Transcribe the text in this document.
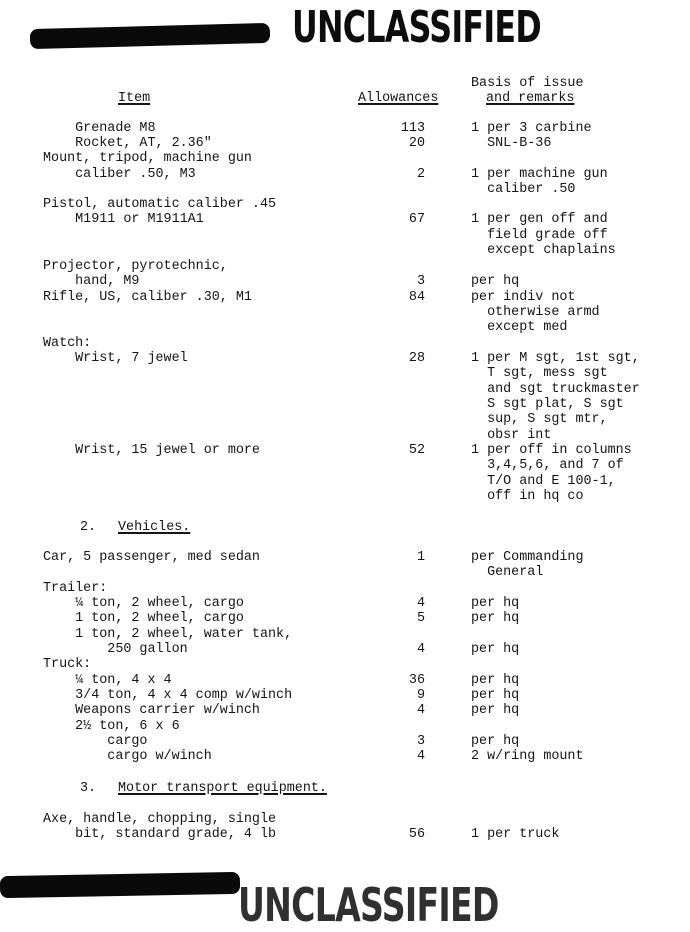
UNCLASSIFIED
Item	Allowances
Basis of issue
and remarks
Grenade M8	113	1 per 3 carbine
Rocket, AT, 2.36"	20	SNL-B-36
Mount, tripod, machine gun
caliber .50, M3	2	1 per machine gun
caliber .50
Pistol, automatic caliber .45
M1911 or M1911A1	67	1 per gen off and
field grade off
except chaplains
Projector, pyrotechnic,
hand, M9	3	per hq
Rifle, US, caliber .30, M1	84	per indiv not
otherwise armd
except med
Watch:
Wrist, 7 jewel	28	1 per M sgt, 1st sgt,
T sgt, mess sgt
and sgt truckmaster
S sgt plat, S sgt
sup, S sgt mtr,
obsr int
Wrist, 15 jewel or more	52	1 per off in columns
3,4,5,6, and 7 of
T/O and E 100-1,
off in hq co
Car, 5 passenger, med sedan	1	per Commanding
General
Trailer:
¼ ton, 2 wheel, cargo	4	per hq
1 ton, 2 wheel, cargo	5	per hq
1 ton, 2 wheel, water tank,
250 gallon	4	per hq
Truck:
¼ ton, 4 x 4	36	per hq
3/4 ton, 4 x 4 comp w/winch	9	per hq
Weapons carrier w/winch	4	per hq
2½ ton, 6 x 6
cargo	3	per hq
cargo w/winch	4	2 w/ring mount
Axe, handle, chopping, single
bit, standard grade, 4 lb	56	1 per truck
2. Vehicles.
3. Motor transport equipment.
UNCLASSIFIED
